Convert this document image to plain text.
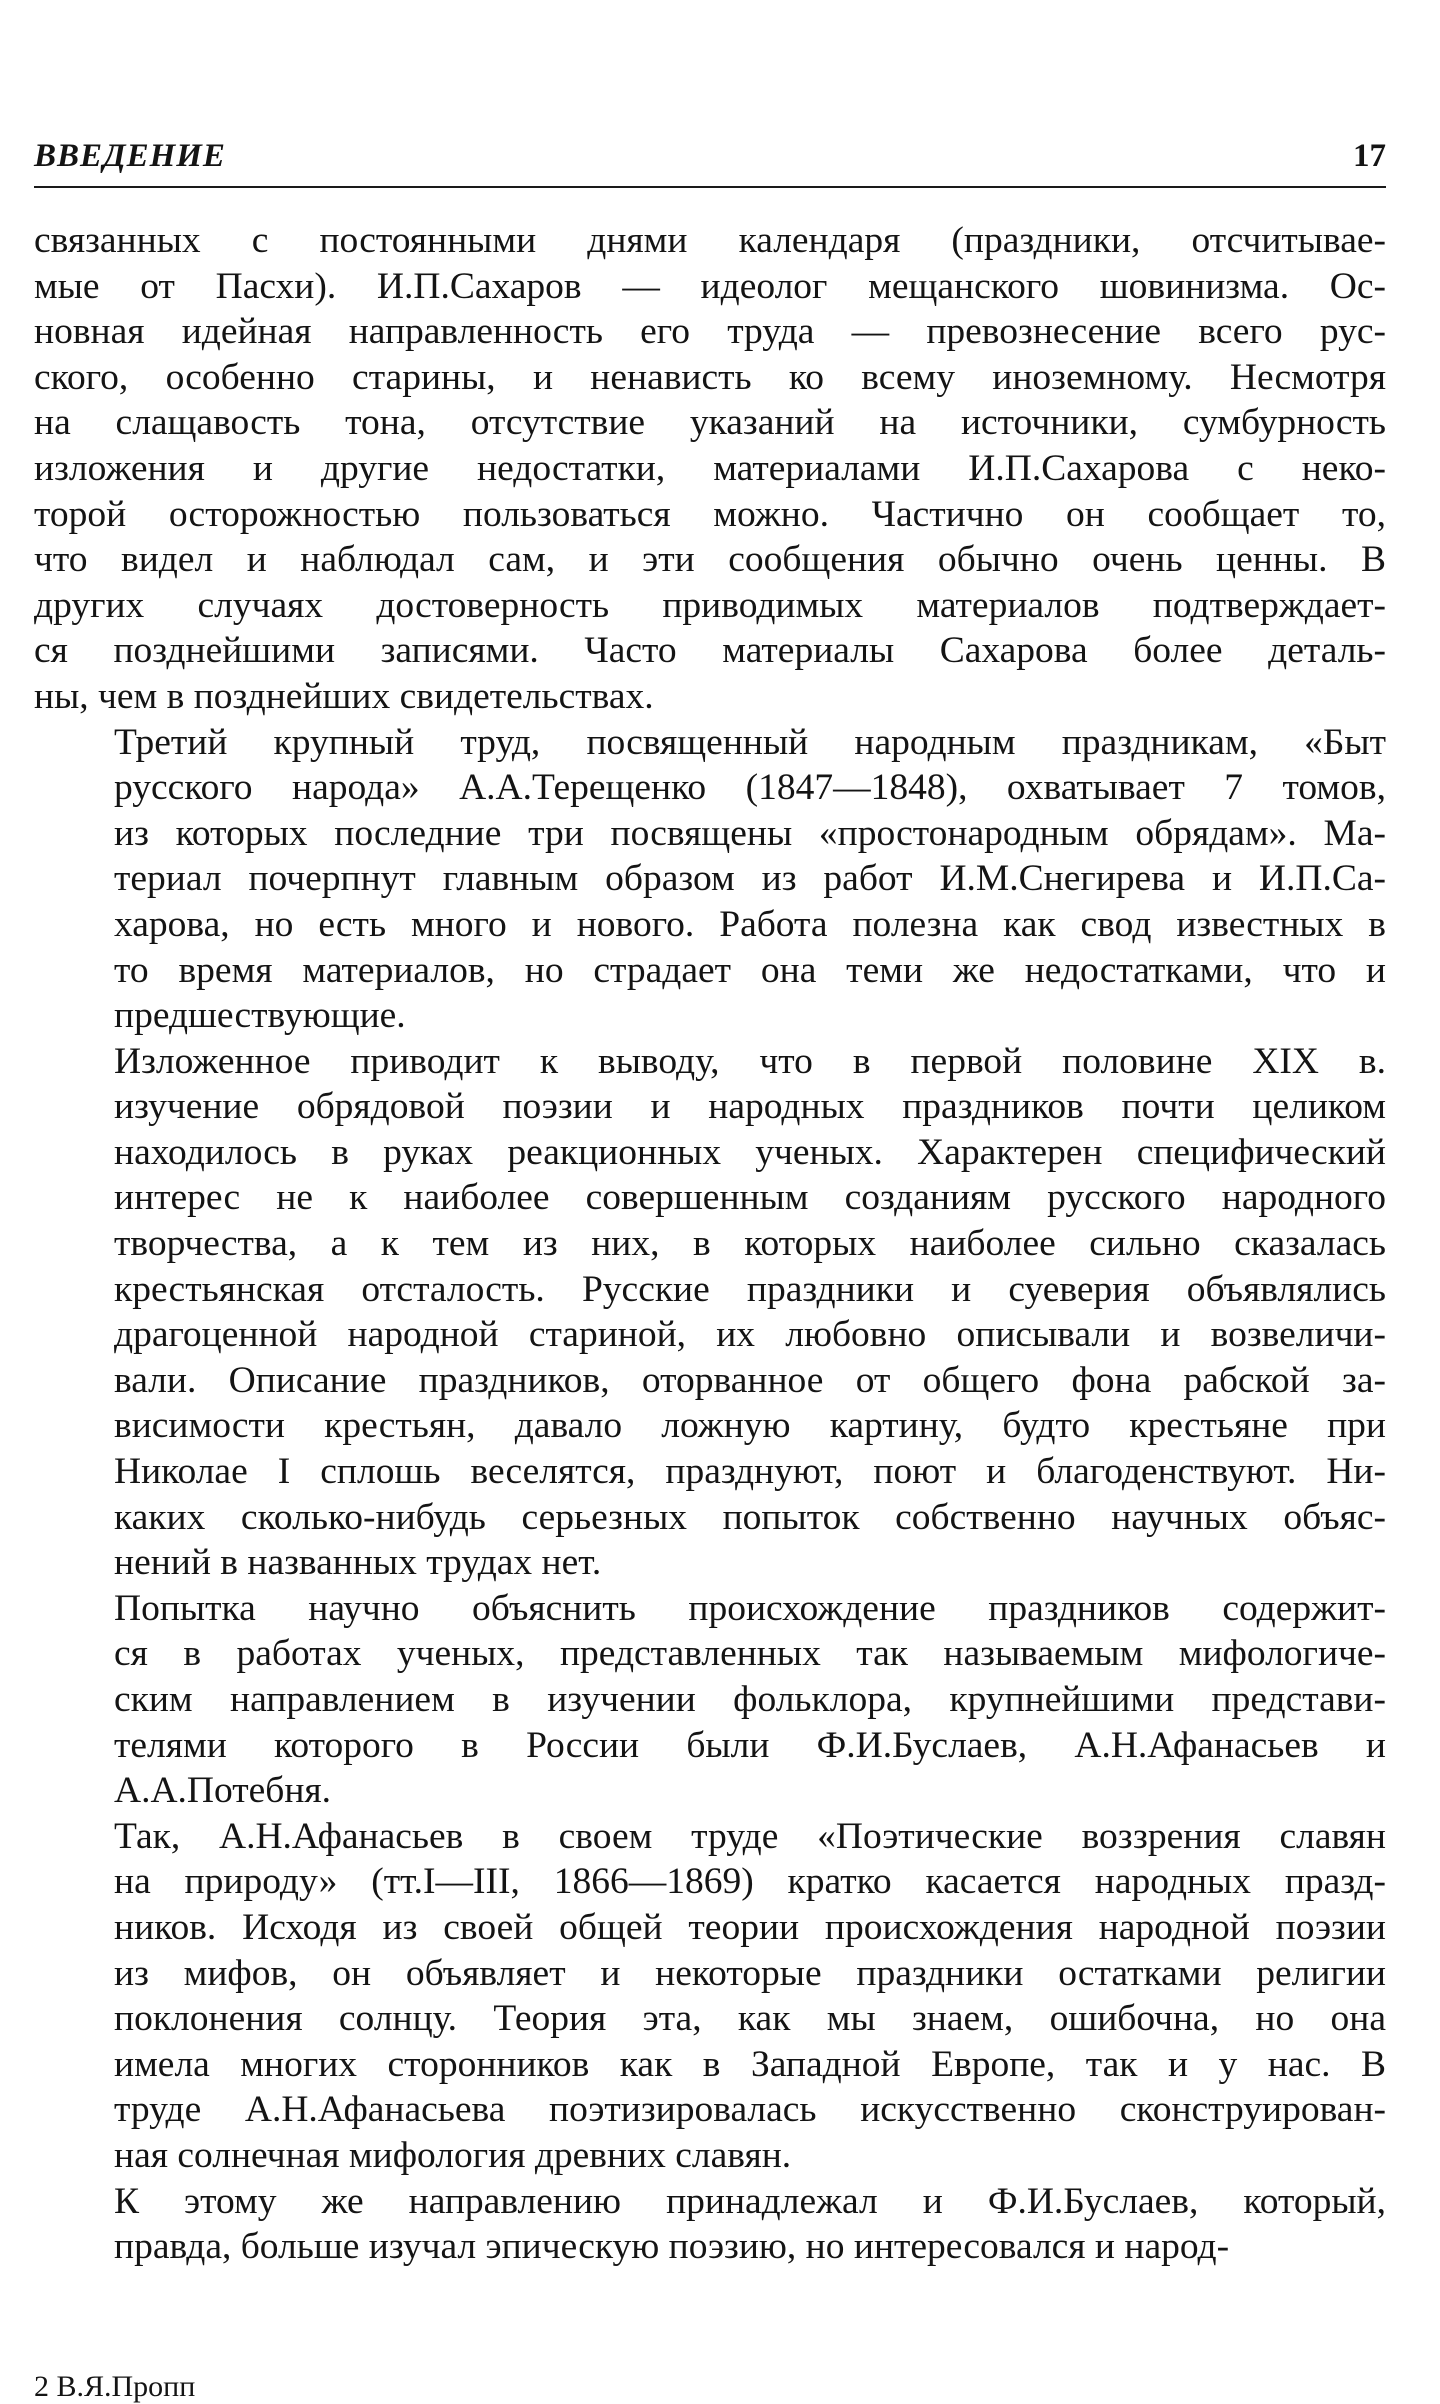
ВВЕДЕНИЕ	17
связанных с постоянными днями календаря (праздники, отсчитывае-
мые от Пасхи). И.П.Сахаров — идеолог мещанского шовинизма. Ос-
новная идейная направленность его труда — превознесение всего рус-
ского, особенно старины, и ненависть ко всему иноземному. Несмотря
на слащавость тона, отсутствие указаний на источники, сумбурность
изложения и другие недостатки, материалами И.П.Сахарова с неко-
торой осторожностью пользоваться можно. Частично он сообщает то,
что видел и наблюдал сам, и эти сообщения обычно очень ценны. В
других случаях достоверность приводимых материалов подтверждает-
ся позднейшими записями. Часто материалы Сахарова более деталь-
ны, чем в позднейших свидетельствах.
Третий крупный труд, посвященный народным праздникам, «Быт
русского народа» А.А.Терещенко (1847—1848), охватывает 7 томов,
из которых последние три посвящены «простонародным обрядам». Ма-
териал почерпнут главным образом из работ И.М.Снегирева и И.П.Са-
харова, но есть много и нового. Работа полезна как свод известных в
то время материалов, но страдает она теми же недостатками, что и
предшествующие.
Изложенное приводит к выводу, что в первой половине XIX в.
изучение обрядовой поэзии и народных праздников почти целиком
находилось в руках реакционных ученых. Характерен специфический
интерес не к наиболее совершенным созданиям русского народного
творчества, а к тем из них, в которых наиболее сильно сказалась
крестьянская отсталость. Русские праздники и суеверия объявлялись
драгоценной народной стариной, их любовно описывали и возвеличи-
вали. Описание праздников, оторванное от общего фона рабской за-
висимости крестьян, давало ложную картину, будто крестьяне при
Николае I сплошь веселятся, празднуют, поют и благоденствуют. Ни-
каких сколько-нибудь серьезных попыток собственно научных объяс-
нений в названных трудах нет.
Попытка научно объяснить происхождение праздников содержит-
ся в работах ученых, представленных так называемым мифологиче-
ским направлением в изучении фольклора, крупнейшими представи-
телями которого в России были Ф.И.Буслаев, А.Н.Афанасьев и
А.А.Потебня.
Так, А.Н.Афанасьев в своем труде «Поэтические воззрения славян
на природу» (тт.I—III, 1866—1869) кратко касается народных празд-
ников. Исходя из своей общей теории происхождения народной поэзии
из мифов, он объявляет и некоторые праздники остатками религии
поклонения солнцу. Теория эта, как мы знаем, ошибочна, но она
имела многих сторонников как в Западной Европе, так и у нас. В
труде А.Н.Афанасьева поэтизировалась искусственно сконструирован-
ная солнечная мифология древних славян.
К этому же направлению принадлежал и Ф.И.Буслаев, который,
правда, больше изучал эпическую поэзию, но интересовался и народ-
2 В.Я.Пропп
